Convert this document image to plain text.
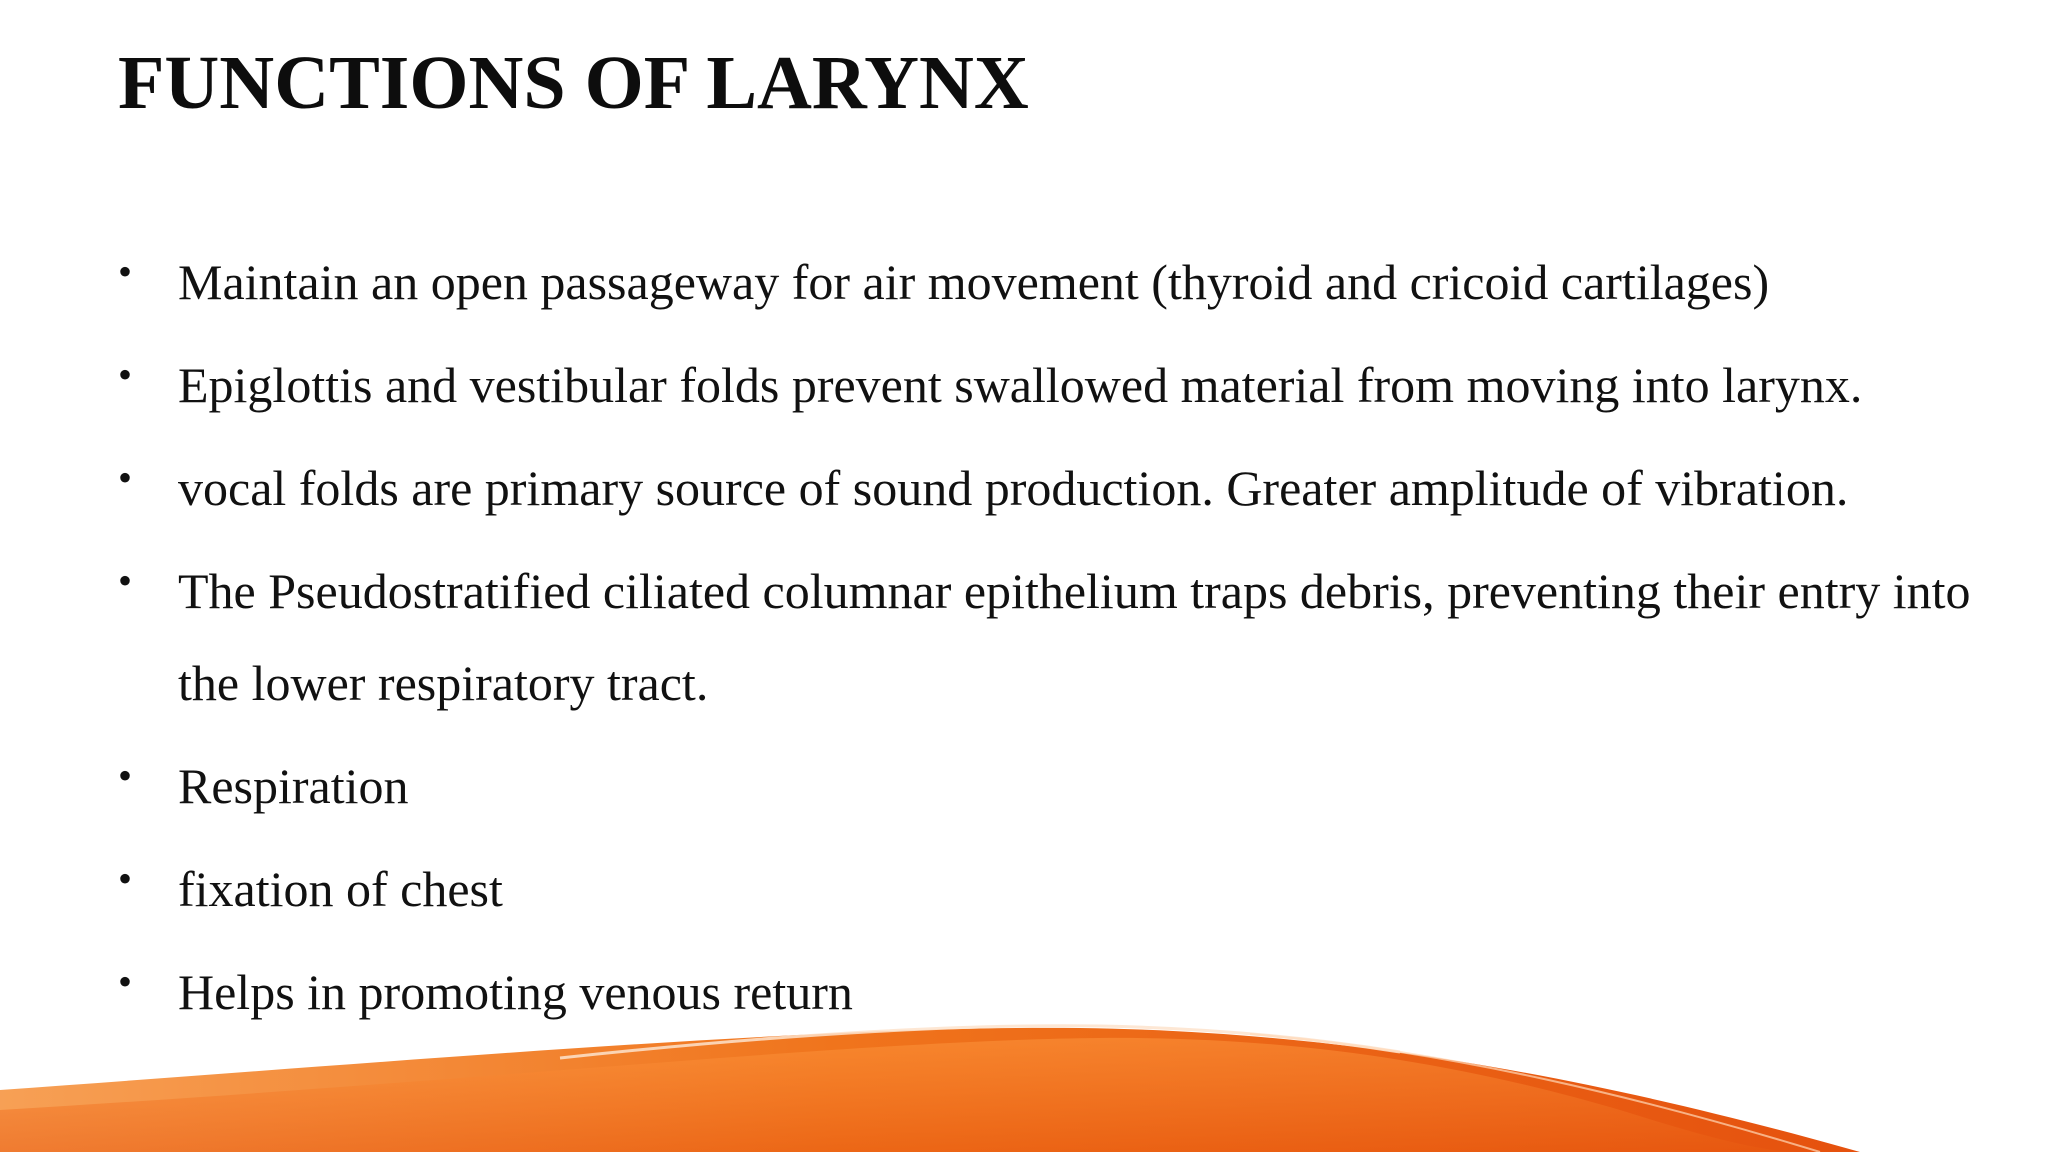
FUNCTIONS OF LARYNX
• Maintain an open passageway for air movement (thyroid and cricoid cartilages)
• Epiglottis and vestibular folds prevent swallowed material from moving into larynx.
• vocal folds are primary source of sound production. Greater amplitude of vibration.
• The Pseudostratified ciliated columnar epithelium traps debris, preventing their entry into the lower respiratory tract.
• Respiration
• fixation of chest
• Helps in promoting venous return
